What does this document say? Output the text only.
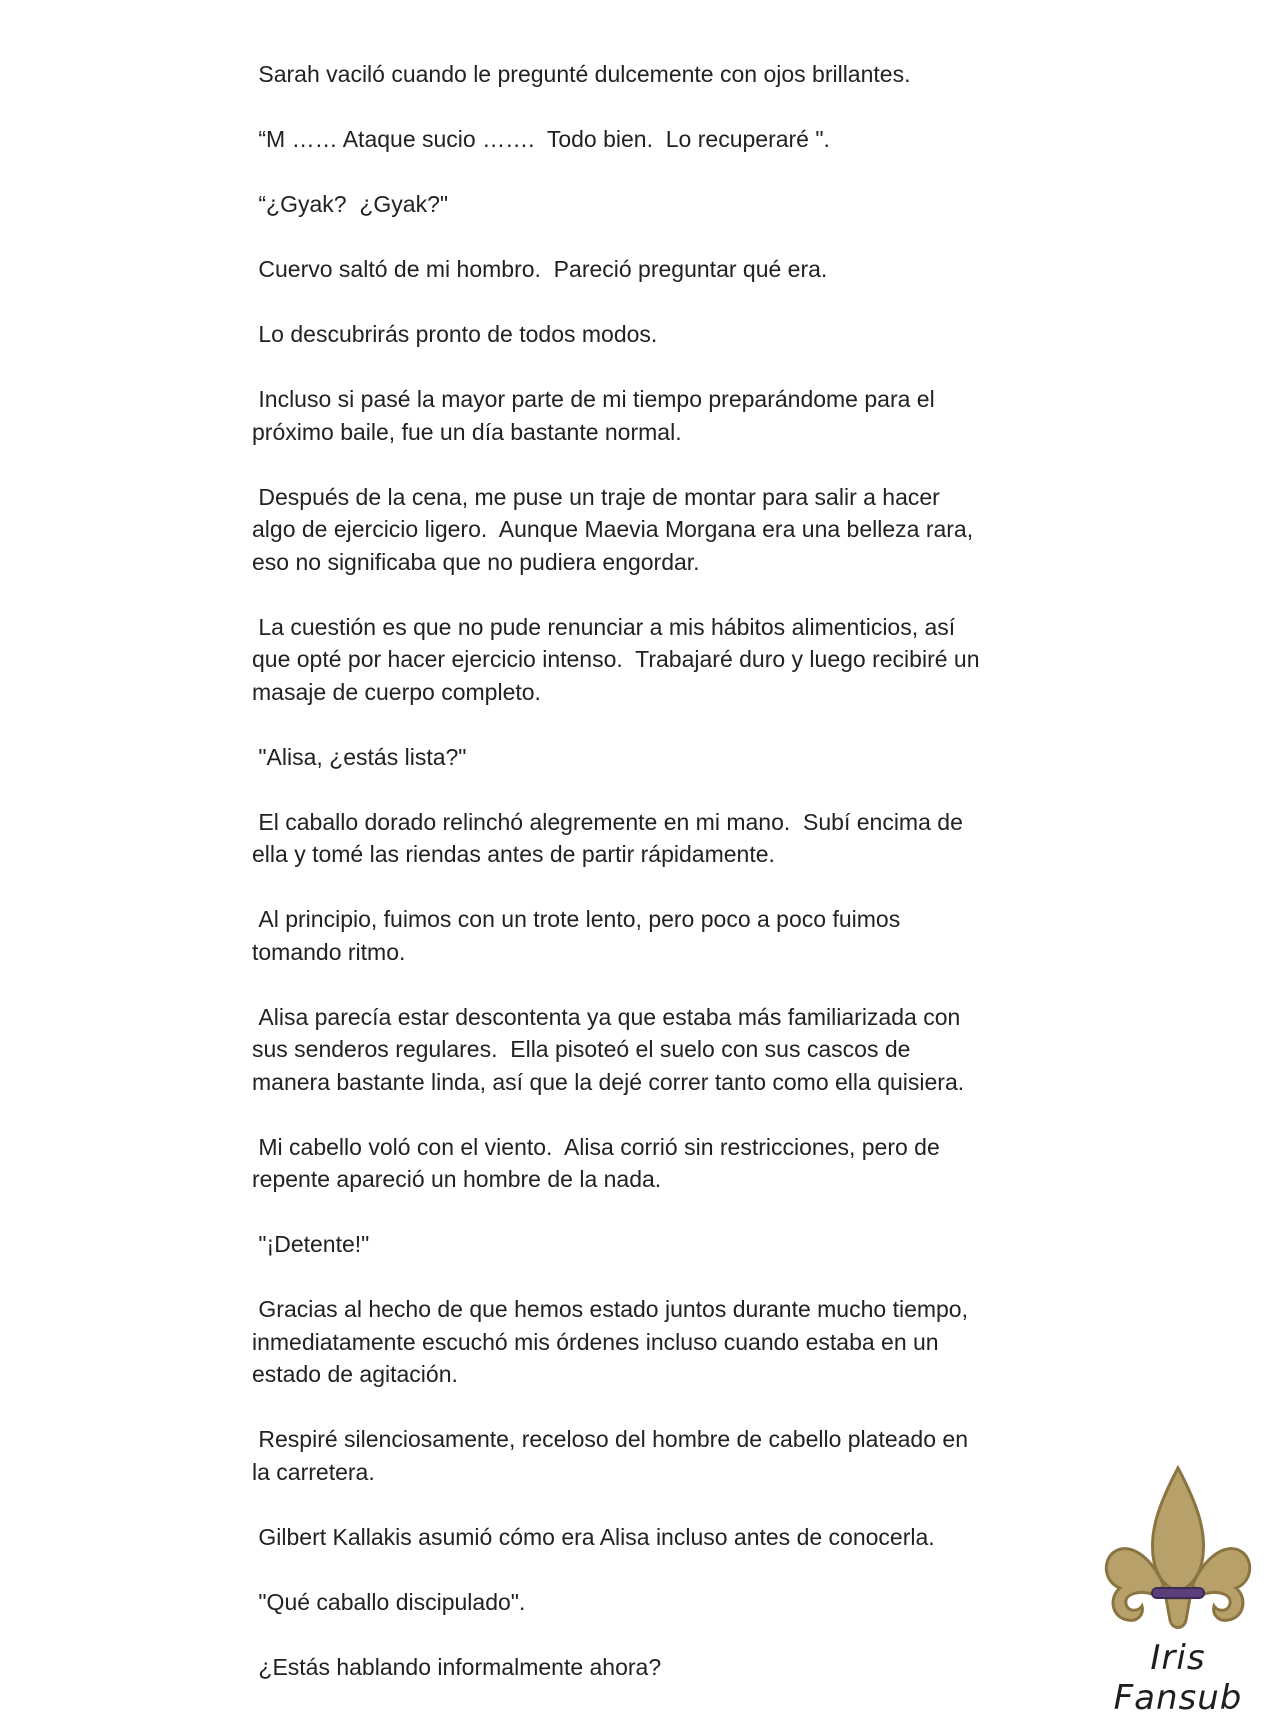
Sarah vaciló cuando le pregunté dulcemente con ojos brillantes.

“M …… Ataque sucio …….  Todo bien.  Lo recuperaré ".

“¿Gyak?  ¿Gyak?"

Cuervo saltó de mi hombro.  Pareció preguntar qué era.

Lo descubrirás pronto de todos modos.

Incluso si pasé la mayor parte de mi tiempo preparándome para el
próximo baile, fue un día bastante normal.

Después de la cena, me puse un traje de montar para salir a hacer
algo de ejercicio ligero.  Aunque Maevia Morgana era una belleza rara,
eso no significaba que no pudiera engordar.

La cuestión es que no pude renunciar a mis hábitos alimenticios, así
que opté por hacer ejercicio intenso.  Trabajaré duro y luego recibiré un
masaje de cuerpo completo.

"Alisa, ¿estás lista?"

El caballo dorado relinchó alegremente en mi mano.  Subí encima de
ella y tomé las riendas antes de partir rápidamente.

Al principio, fuimos con un trote lento, pero poco a poco fuimos
tomando ritmo.

Alisa parecía estar descontenta ya que estaba más familiarizada con
sus senderos regulares.  Ella pisoteó el suelo con sus cascos de
manera bastante linda, así que la dejé correr tanto como ella quisiera.

Mi cabello voló con el viento.  Alisa corrió sin restricciones, pero de
repente apareció un hombre de la nada.

"¡Detente!"

Gracias al hecho de que hemos estado juntos durante mucho tiempo,
inmediatamente escuchó mis órdenes incluso cuando estaba en un
estado de agitación.

Respiré silenciosamente, receloso del hombre de cabello plateado en
la carretera.

Gilbert Kallakis asumió cómo era Alisa incluso antes de conocerla.

"Qué caballo discipulado".

¿Estás hablando informalmente ahora?	Iris Fansub
